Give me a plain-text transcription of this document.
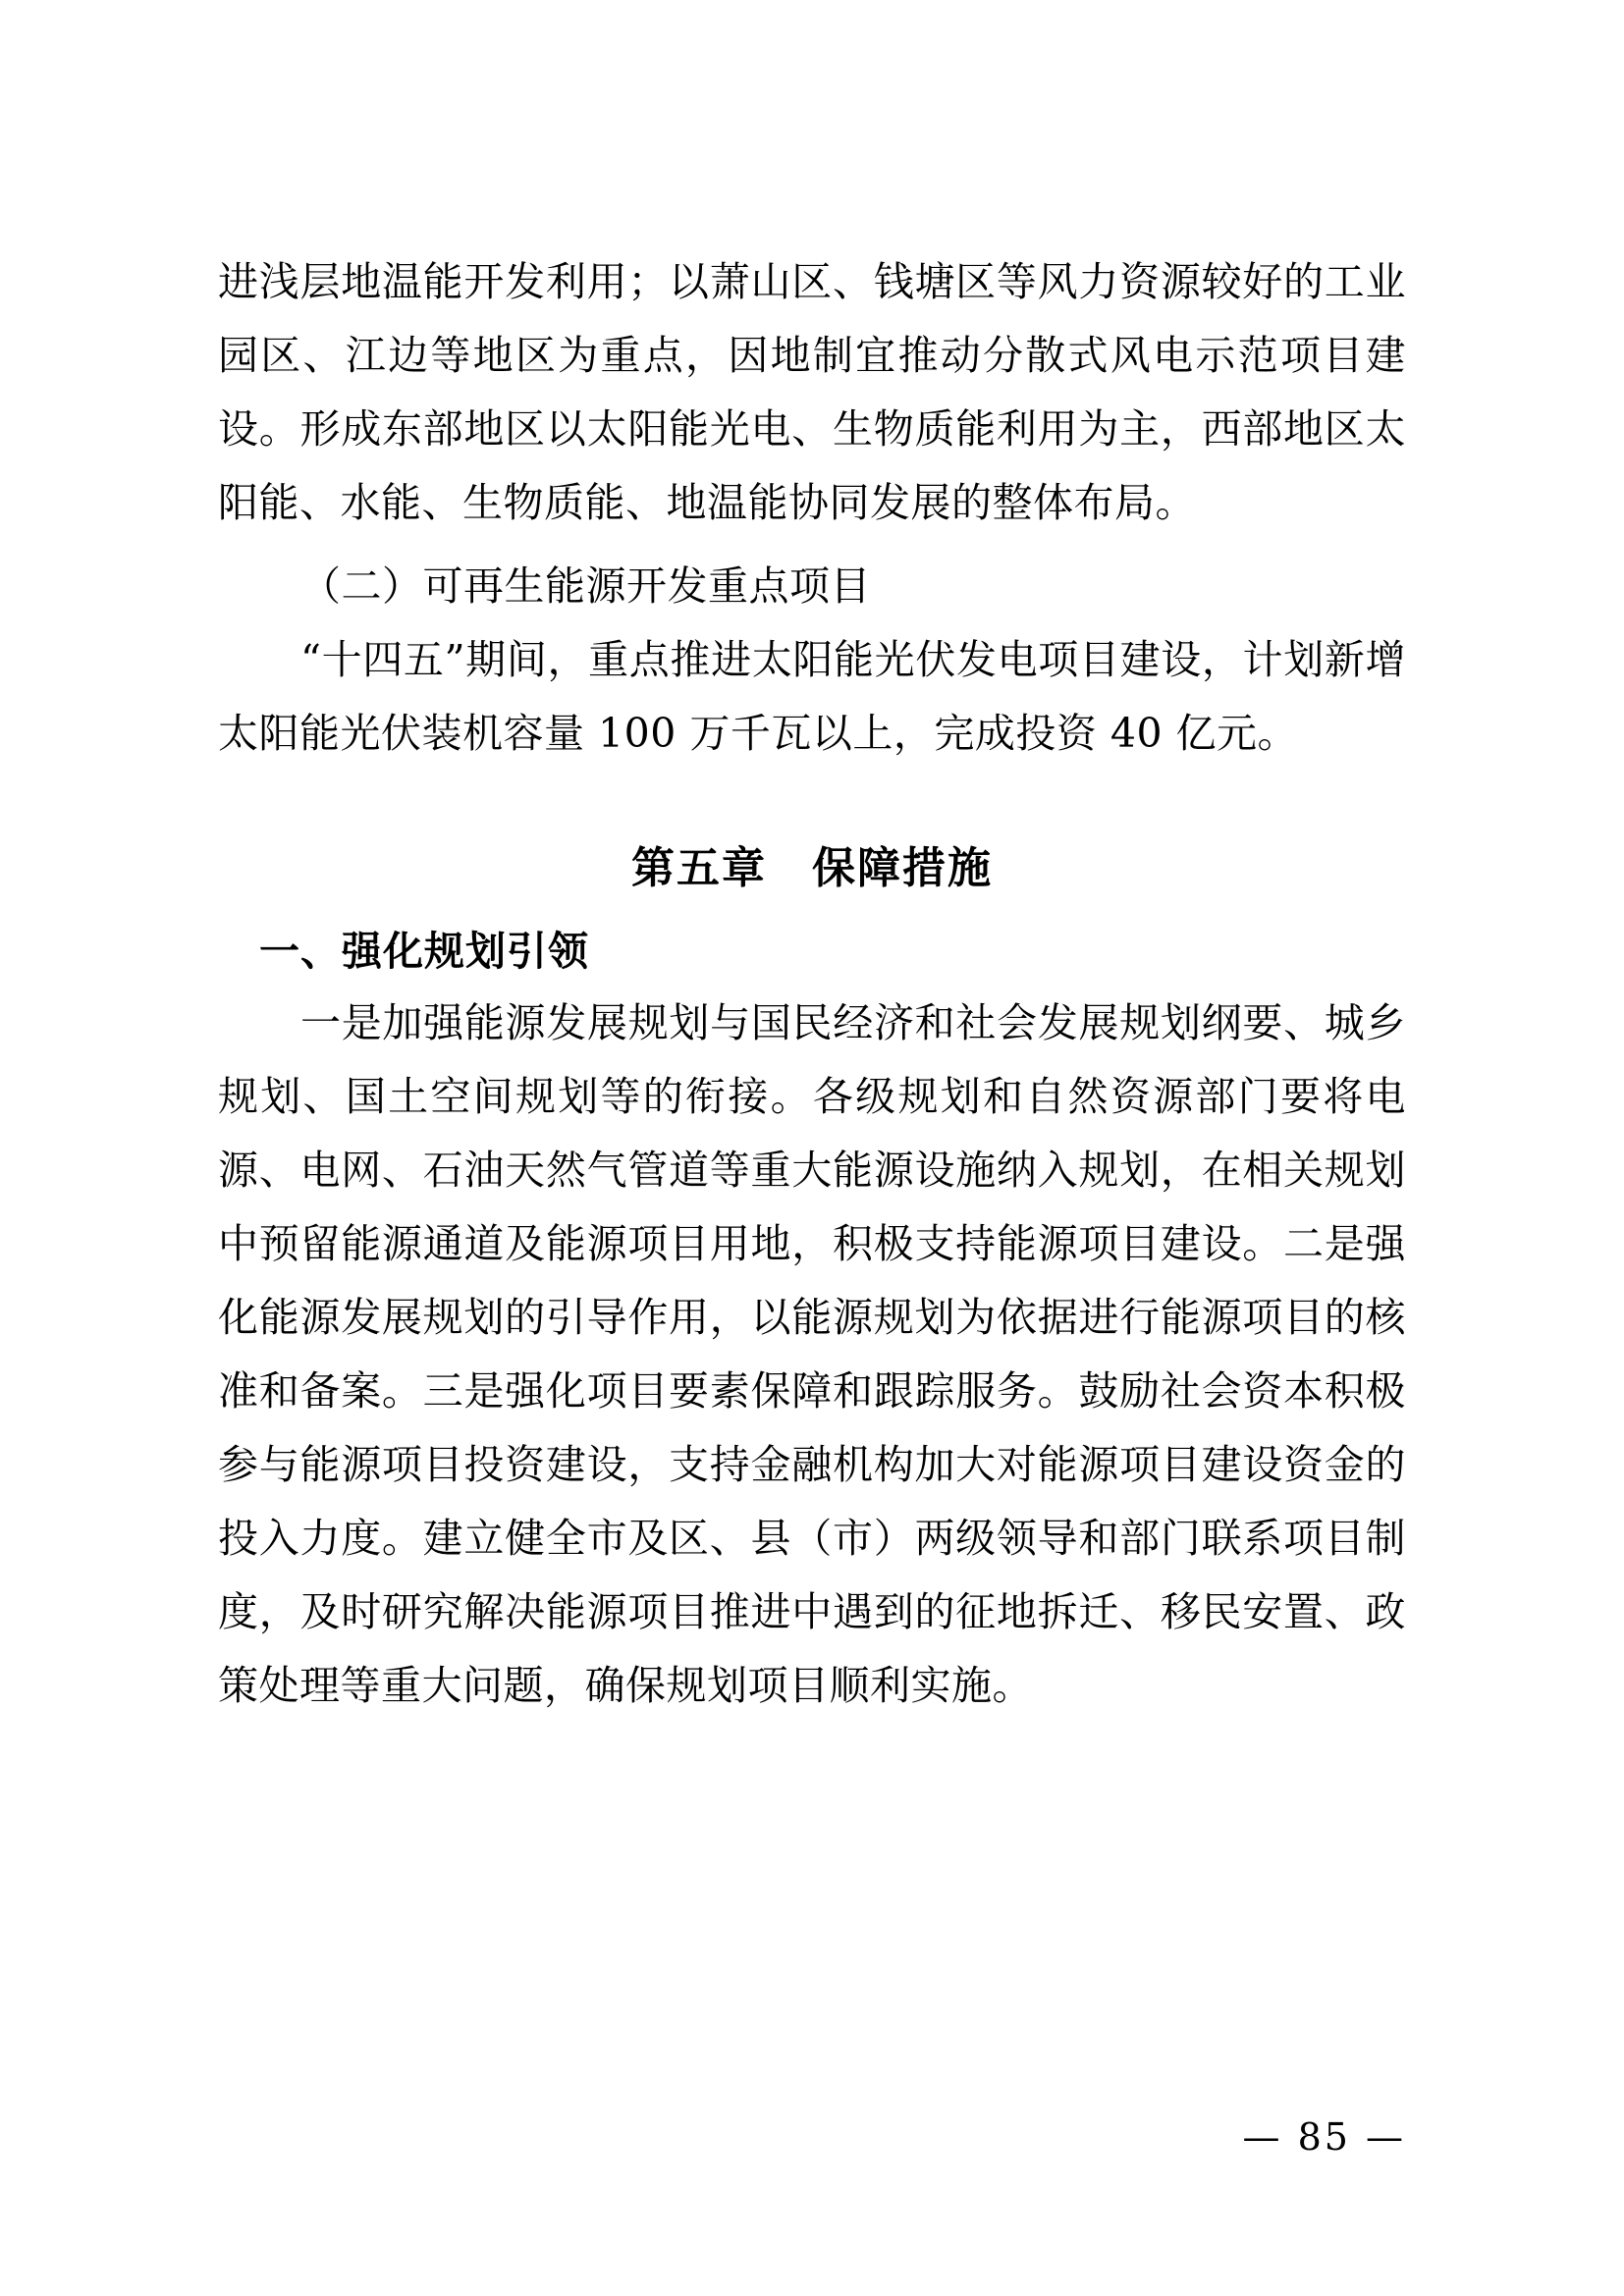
进浅层地温能开发利用；以萧山区、钱塘区等风力资源较好的工业园区、江边等地区为重点，因地制宜推动分散式风电示范项目建设。形成东部地区以太阳能光电、生物质能利用为主，西部地区太阳能、水能、生物质能、地温能协同发展的整体布局。

（二）可再生能源开发重点项目

“十四五”期间，重点推进太阳能光伏发电项目建设，计划新增太阳能光伏装机容量 100 万千瓦以上，完成投资 40 亿元。

第五章　保障措施
一、强化规划引领

一是加强能源发展规划与国民经济和社会发展规划纲要、城乡规划、国土空间规划等的衔接。各级规划和自然资源部门要将电源、电网、石油天然气管道等重大能源设施纳入规划，在相关规划中预留能源通道及能源项目用地，积极支持能源项目建设。二是强化能源发展规划的引导作用，以能源规划为依据进行能源项目的核准和备案。三是强化项目要素保障和跟踪服务。鼓励社会资本积极参与能源项目投资建设，支持金融机构加大对能源项目建设资金的投入力度。建立健全市及区、县（市）两级领导和部门联系项目制度，及时研究解决能源项目推进中遇到的征地拆迁、移民安置、政策处理等重大问题，确保规划项目顺利实施。

— 85 —
